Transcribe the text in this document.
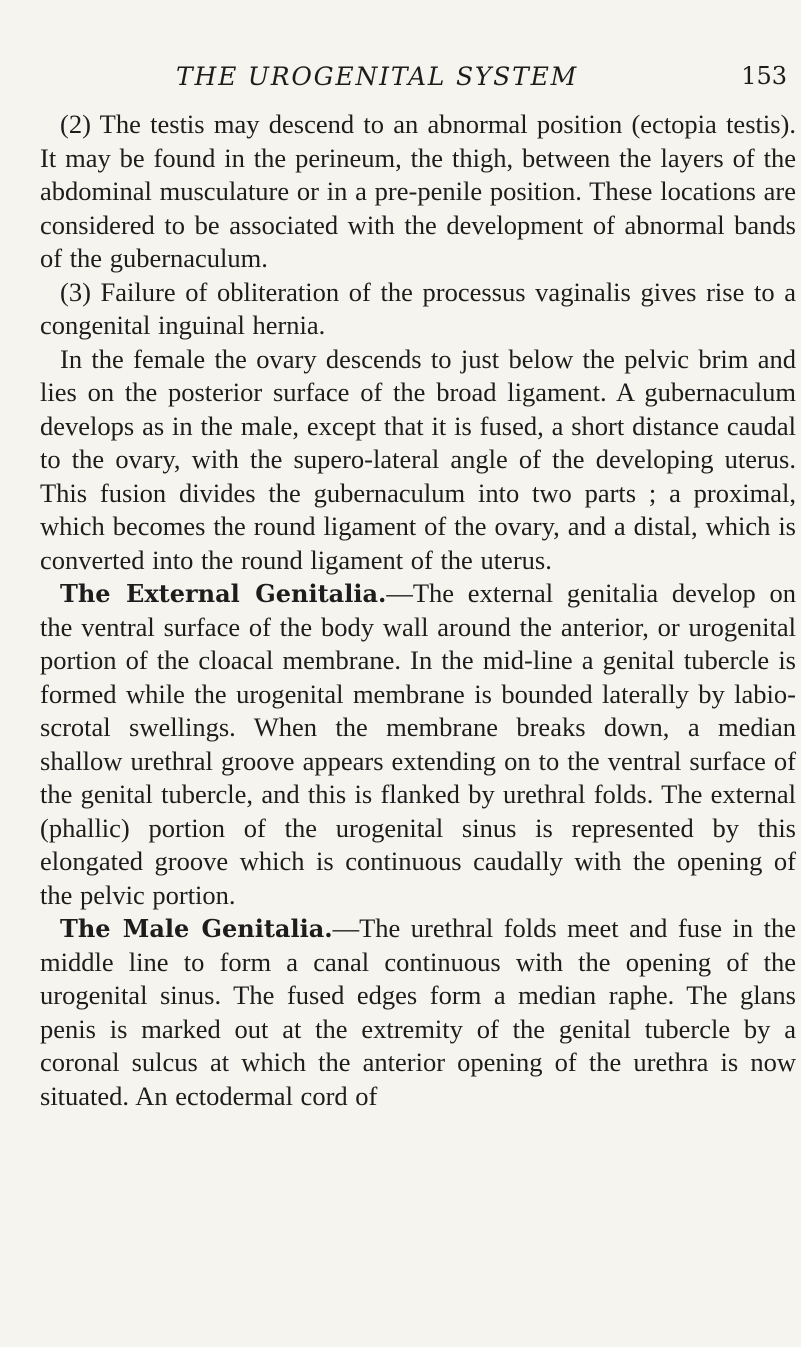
THE UROGENITAL SYSTEM	153

(2) The testis may descend to an abnormal position (ectopia testis). It may be found in the perineum, the thigh, between the layers of the abdominal musculature or in a pre-penile position. These locations are considered to be associated with the development of abnormal bands of the gubernaculum.

(3) Failure of obliteration of the processus vaginalis gives rise to a congenital inguinal hernia.

In the female the ovary descends to just below the pelvic brim and lies on the posterior surface of the broad ligament. A gubernaculum develops as in the male, except that it is fused, a short distance caudal to the ovary, with the supero-lateral angle of the developing uterus. This fusion divides the gubernaculum into two parts ; a proximal, which becomes the round ligament of the ovary, and a distal, which is converted into the round ligament of the uterus.

The External Genitalia.—The external genitalia develop on the ventral surface of the body wall around the anterior, or urogenital portion of the cloacal membrane. In the mid-line a genital tubercle is formed while the urogenital membrane is bounded laterally by labio-scrotal swellings. When the membrane breaks down, a median shallow urethral groove appears extending on to the ventral surface of the genital tubercle, and this is flanked by urethral folds. The external (phallic) portion of the urogenital sinus is represented by this elongated groove which is continuous caudally with the opening of the pelvic portion.

The Male Genitalia.—The urethral folds meet and fuse in the middle line to form a canal continuous with the opening of the urogenital sinus. The fused edges form a median raphe. The glans penis is marked out at the extremity of the genital tubercle by a coronal sulcus at which the anterior opening of the urethra is now situated. An ectodermal cord of
